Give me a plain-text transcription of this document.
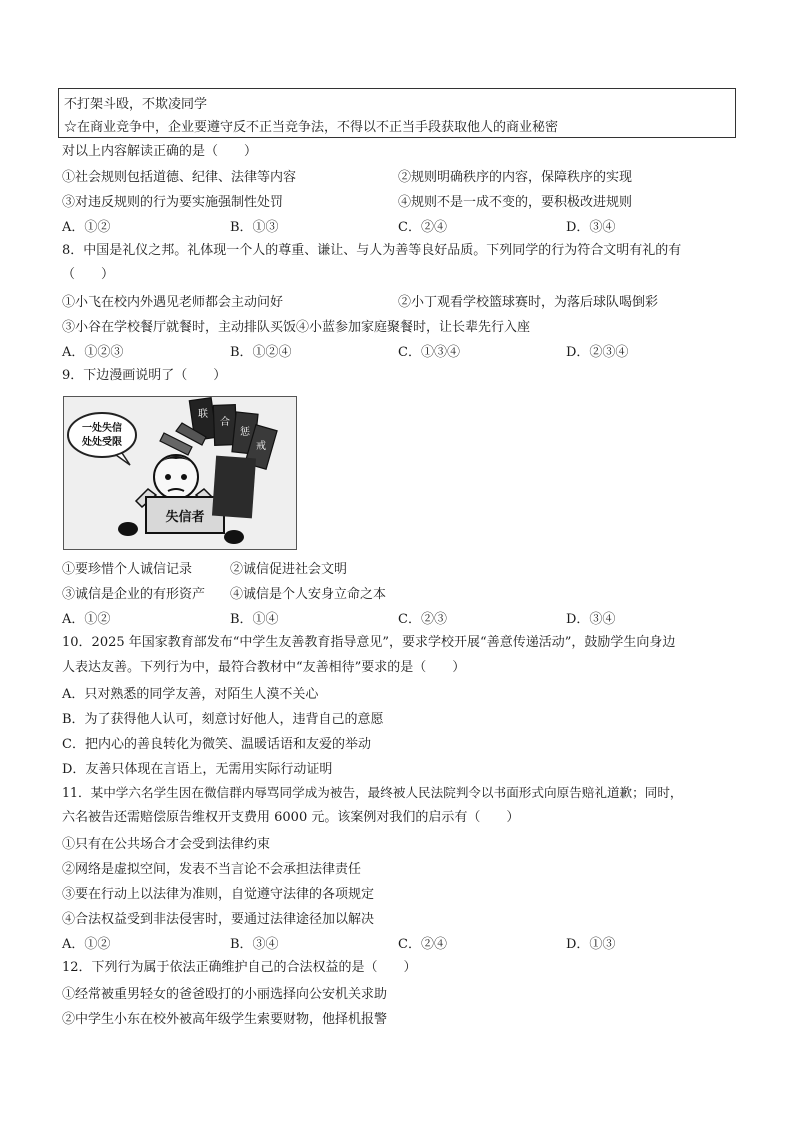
不打架斗殴，不欺凌同学
☆在商业竞争中，企业要遵守反不正当竞争法，不得以不正当手段获取他人的商业秘密
对以上内容解读正确的是（　　）
①社会规则包括道德、纪律、法律等内容	②规则明确秩序的内容，保障秩序的实现
③对违反规则的行为要实施强制性处罚	④规则不是一成不变的，要积极改进规则
A．①②	B．①③	C．②④	D．③④
8．中国是礼仪之邦。礼体现一个人的尊重、谦让、与人为善等良好品质。下列同学的行为符合文明有礼的有
（　　）
①小飞在校内外遇见老师都会主动问好	②小丁观看学校篮球赛时，为落后球队喝倒彩
③小谷在学校餐厅就餐时，主动排队买饭④小蓝参加家庭聚餐时，让长辈先行入座
A．①②③	B．①②④	C．①③④	D．②③④
9．下边漫画说明了（　　）
一处失信
处处受限
联
合
惩
戒
失信者
①要珍惜个人诚信记录	②诚信促进社会文明
③诚信是企业的有形资产 ④诚信是个人安身立命之本
A．①②	B．①④	C．②③	D．③④
10．2025 年国家教育部发布“中学生友善教育指导意见”，要求学校开展“善意传递活动”，鼓励学生向身边
人表达友善。下列行为中，最符合教材中“友善相待”要求的是（　　）
A．只对熟悉的同学友善，对陌生人漠不关心
B．为了获得他人认可，刻意讨好他人，违背自己的意愿
C．把内心的善良转化为微笑、温暖话语和友爱的举动
D．友善只体现在言语上，无需用实际行动证明
11．某中学六名学生因在微信群内辱骂同学成为被告，最终被人民法院判令以书面形式向原告赔礼道歉；同时，
六名被告还需赔偿原告维权开支费用 6000 元。该案例对我们的启示有（　　）
①只有在公共场合才会受到法律约束
②网络是虚拟空间，发表不当言论不会承担法律责任
③要在行动上以法律为准则，自觉遵守法律的各项规定
④合法权益受到非法侵害时，要通过法律途径加以解决
A．①②	B．③④	C．②④	D．①③
12．下列行为属于依法正确维护自己的合法权益的是（　　）
①经常被重男轻女的爸爸殴打的小丽选择向公安机关求助
②中学生小东在校外被高年级学生索要财物，他择机报警
